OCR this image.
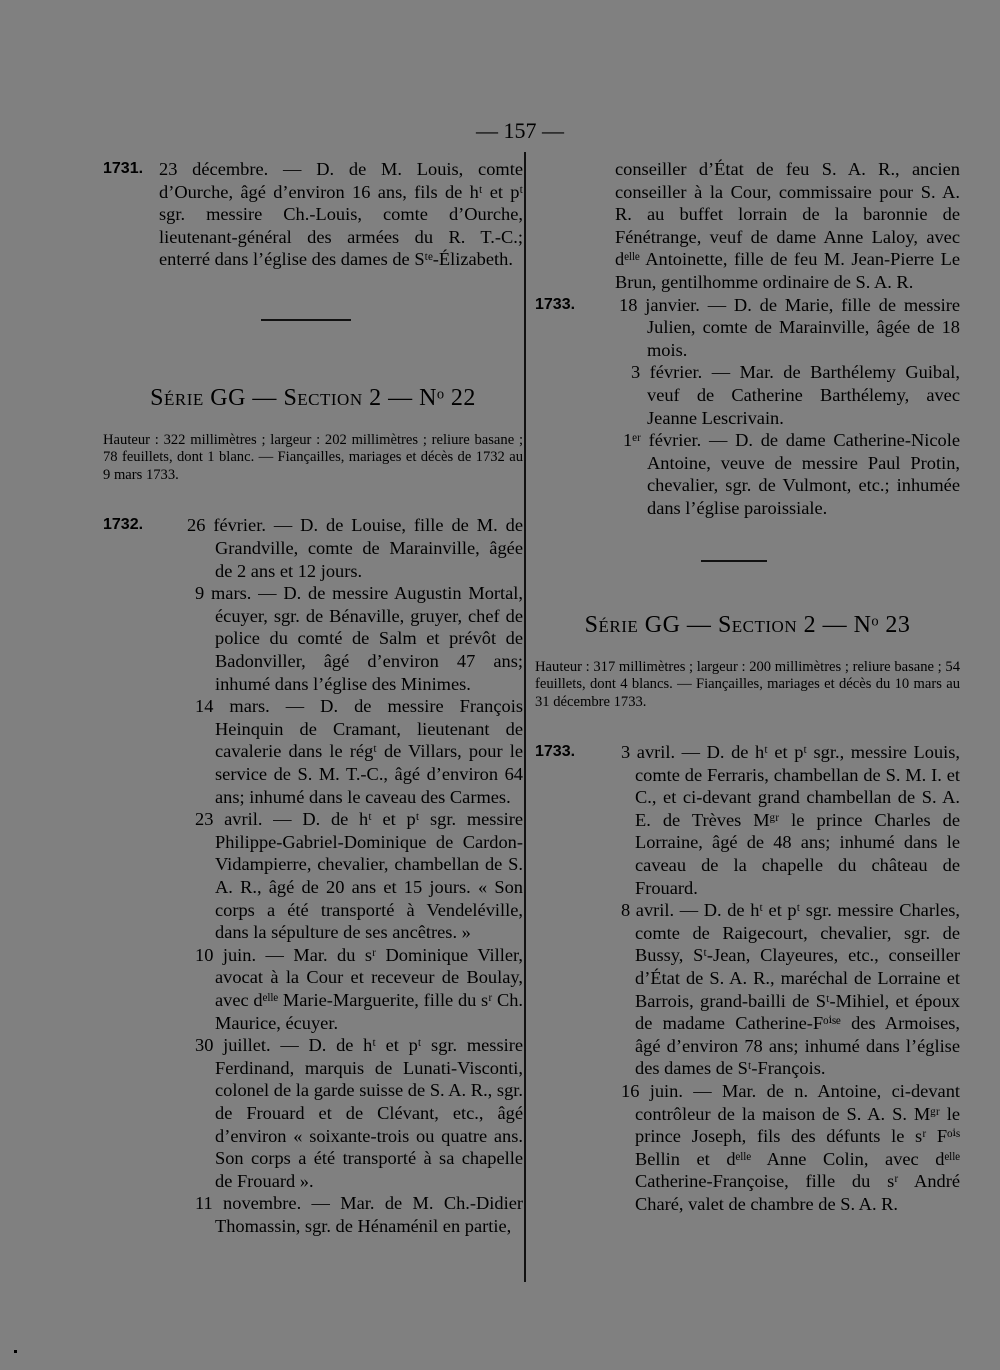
— 157 —
1731. 23 décembre. — D. de M. Louis, comte d’Ourche, âgé d’environ 16 ans, fils de hᵗ et pᵗ sgr. messire Ch.-Louis, comte d’Ourche, lieutenant-général des armées du R. T.-C.; enterré dans l’église des dames de Sᵗᵉ-Élizabeth.
Série GG — Section 2 — Nᵒ 22

Hauteur : 322 millimètres ; largeur : 202 millimètres ; reliure basane ; 78 feuillets, dont 1 blanc. — Fiançailles, mariages et décès de 1732 au 9 mars 1733.

1732. 26 février. — D. de Louise, fille de M. de Grandville, comte de Marainville, âgée de 2 ans et 12 jours.
9 mars. — D. de messire Augustin Mortal, écuyer, sgr. de Bénaville, gruyer, chef de police du comté de Salm et prévôt de Badonviller, âgé d’environ 47 ans; inhumé dans l’église des Minimes.
14 mars. — D. de messire François Heinquin de Cramant, lieutenant de cavalerie dans le régᵗ de Villars, pour le service de S. M. T.-C., âgé d’environ 64 ans; inhumé dans le caveau des Carmes.
23 avril. — D. de hᵗ et pᵗ sgr. messire Philippe-Gabriel-Dominique de Cardon-Vidampierre, chevalier, chambellan de S. A. R., âgé de 20 ans et 15 jours. « Son corps a été transporté à Vendeléville, dans la sépulture de ses ancêtres. »
10 juin. — Mar. du sʳ Dominique Viller, avocat à la Cour et receveur de Boulay, avec dᵉˡˡᵉ Marie-Marguerite, fille du sʳ Ch. Maurice, écuyer.
30 juillet. — D. de hᵗ et pᵗ sgr. messire Ferdinand, marquis de Lunati-Visconti, colonel de la garde suisse de S. A. R., sgr. de Frouard et de Clévant, etc., âgé d’environ « soixante-trois ou quatre ans. Son corps a été transporté à sa chapelle de Frouard ».
11 novembre. — Mar. de M. Ch.-Didier Thomassin, sgr. de Hénaménil en partie,
conseiller d’État de feu S. A. R., ancien conseiller à la Cour, commissaire pour S. A. R. au buffet lorrain de la baronnie de Fénétrange, veuf de dame Anne Laloy, avec dᵉˡˡᵉ Antoinette, fille de feu M. Jean-Pierre Le Brun, gentilhomme ordinaire de S. A. R.
1733. 18 janvier. — D. de Marie, fille de messire Julien, comte de Marainville, âgée de 18 mois.
3 février. — Mar. de Barthélemy Guibal, veuf de Catherine Barthélemy, avec Jeanne Lescrivain.
1ᵉʳ février. — D. de dame Catherine-Nicole Antoine, veuve de messire Paul Protin, chevalier, sgr. de Vulmont, etc.; inhumée dans l’église paroissiale.
Série GG — Section 2 — Nᵒ 23

Hauteur : 317 millimètres ; largeur : 200 millimètres ; reliure basane ; 54 feuillets, dont 4 blancs. — Fiançailles, mariages et décès du 10 mars au 31 décembre 1733.

1733. 3 avril. — D. de hᵗ et pᵗ sgr., messire Louis, comte de Ferraris, chambellan de S. M. I. et C., et ci-devant grand chambellan de S. A. E. de Trèves Mᵍʳ le prince Charles de Lorraine, âgé de 48 ans; inhumé dans le caveau de la chapelle du château de Frouard.
8 avril. — D. de hᵗ et pᵗ sgr. messire Charles, comte de Raigecourt, chevalier, sgr. de Bussy, Sᵗ-Jean, Clayeures, etc., conseiller d’État de S. A. R., maréchal de Lorraine et Barrois, grand-bailli de Sᵗ-Mihiel, et époux de madame Catherine-Fᵒⁱˢᵉ des Armoises, âgé d’environ 78 ans; inhumé dans l’église des dames de Sᵗ-François.
16 juin. — Mar. de n. Antoine, ci-devant contrôleur de la maison de S. A. S. Mᵍʳ le prince Joseph, fils des défunts le sʳ Fᵒⁱˢ Bellin et dᵉˡˡᵉ Anne Colin, avec dᵉˡˡᵉ Catherine-Françoise, fille du sʳ André Charé, valet de chambre de S. A. R.
